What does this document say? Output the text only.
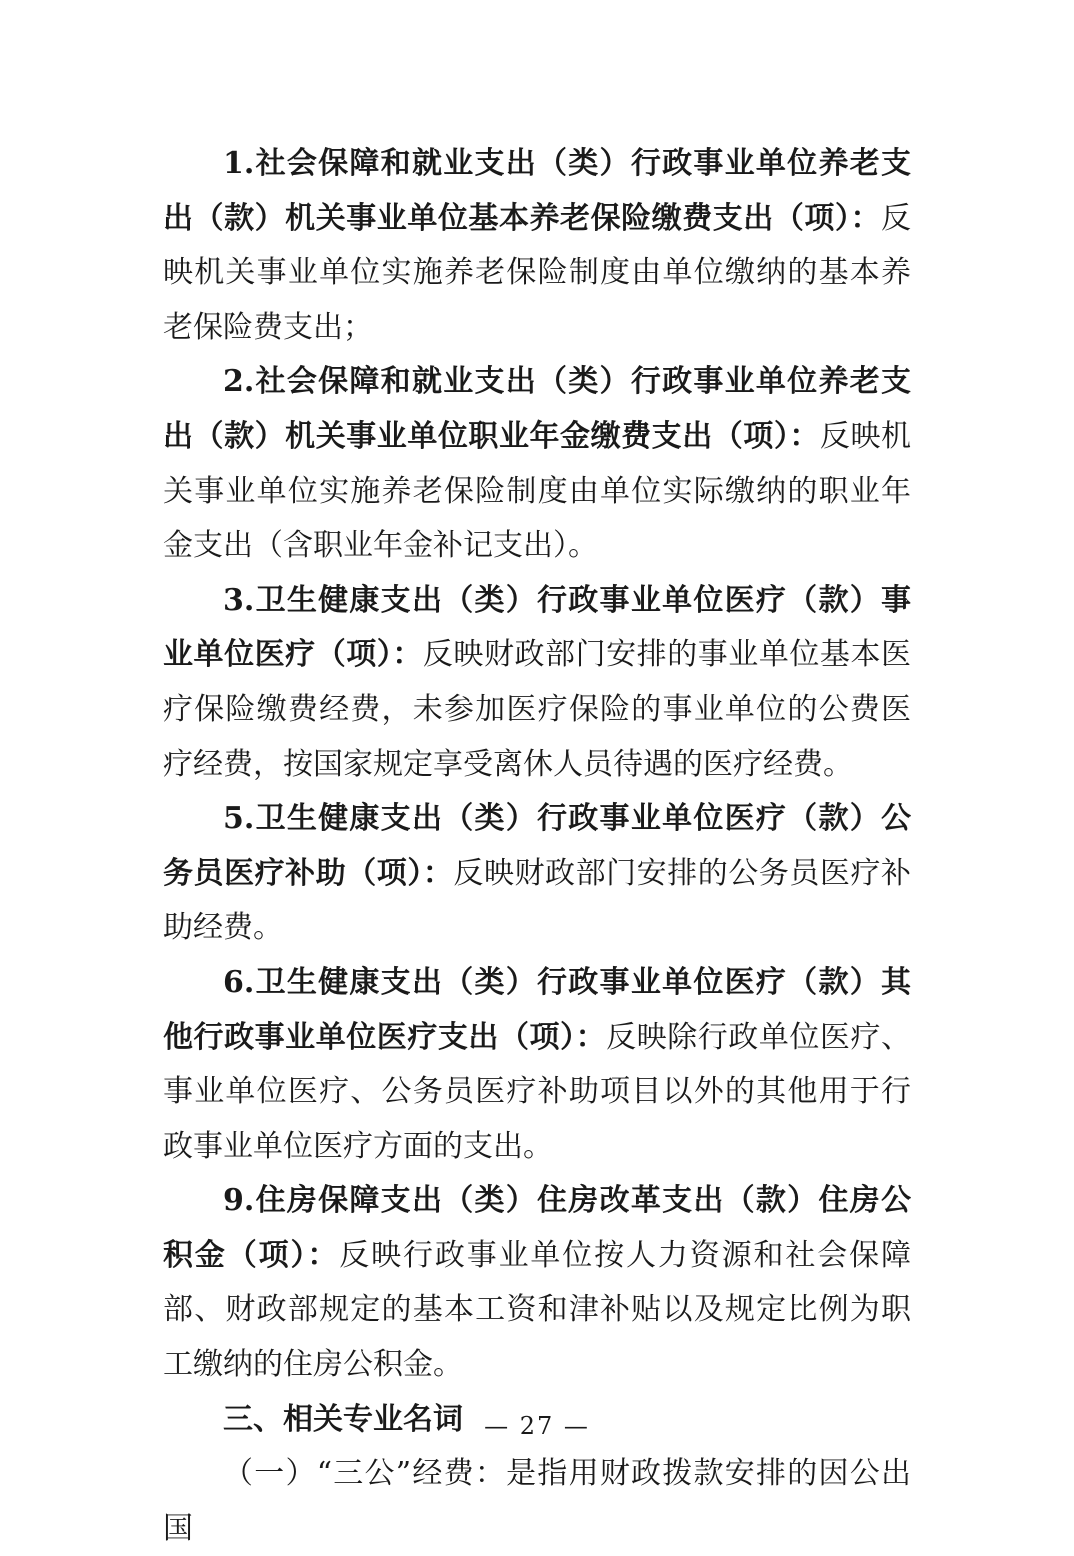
1.社会保障和就业支出（类）行政事业单位养老支出（款）机关事业单位基本养老保险缴费支出（项）：反映机关事业单位实施养老保险制度由单位缴纳的基本养老保险费支出；

2.社会保障和就业支出（类）行政事业单位养老支出（款）机关事业单位职业年金缴费支出（项）：反映机关事业单位实施养老保险制度由单位实际缴纳的职业年金支出（含职业年金补记支出）。

3.卫生健康支出（类）行政事业单位医疗（款）事业单位医疗（项）：反映财政部门安排的事业单位基本医疗保险缴费经费，未参加医疗保险的事业单位的公费医疗经费，按国家规定享受离休人员待遇的医疗经费。

5.卫生健康支出（类）行政事业单位医疗（款）公务员医疗补助（项）：反映财政部门安排的公务员医疗补助经费。

6.卫生健康支出（类）行政事业单位医疗（款）其他行政事业单位医疗支出（项）：反映除行政单位医疗、事业单位医疗、公务员医疗补助项目以外的其他用于行政事业单位医疗方面的支出。

9.住房保障支出（类）住房改革支出（款）住房公积金（项）：反映行政事业单位按人力资源和社会保障部、财政部规定的基本工资和津补贴以及规定比例为职工缴纳的住房公积金。

三、相关专业名词

（一）“三公”经费：是指用财政拨款安排的因公出国

— 27 —
